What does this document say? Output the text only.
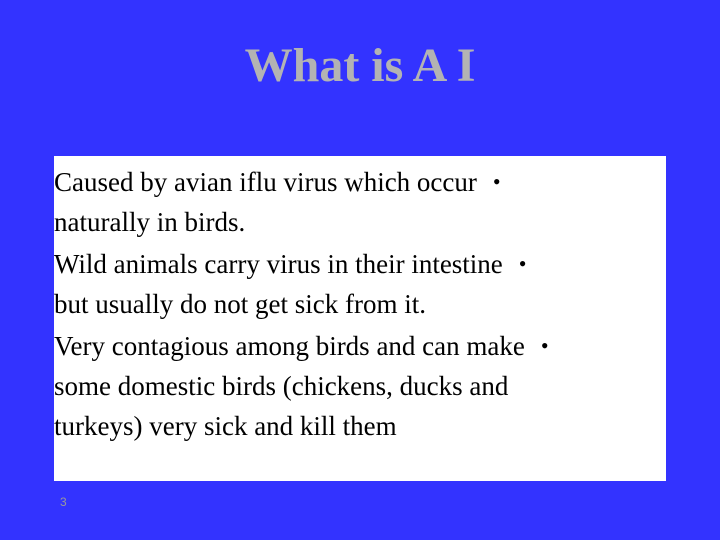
What is A I
Caused by avian iflu virus which occur •
naturally in birds.
Wild animals carry virus in their intestine •
but usually do not get sick from it.
Very contagious among birds and can make •
some domestic birds (chickens, ducks and
turkeys) very sick and kill them
3
